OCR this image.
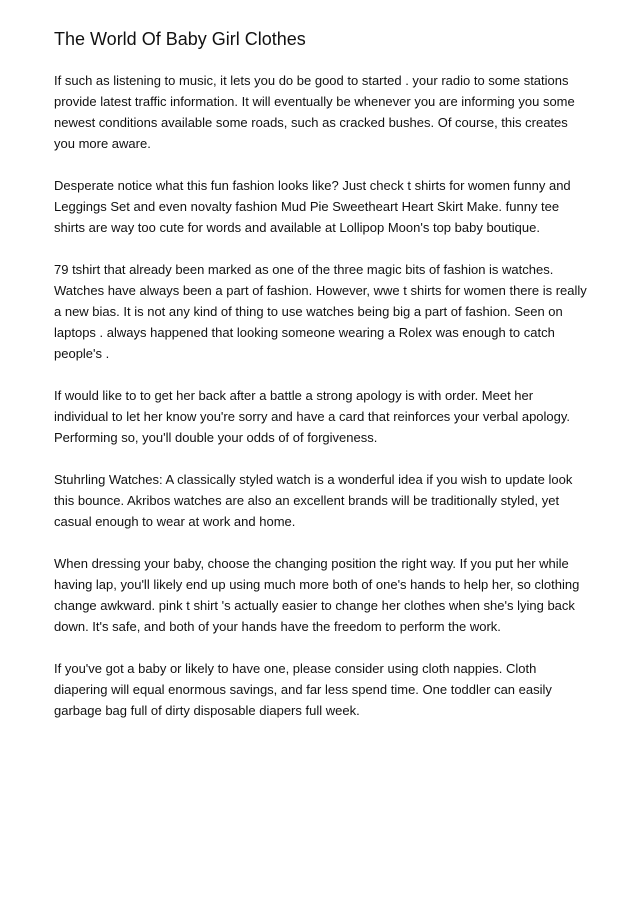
The World Of Baby Girl Clothes

If such as listening to music, it lets you do be good to started . your radio to some stations provide latest traffic information. It will eventually be whenever you are informing you some newest conditions available some roads, such as cracked bushes. Of course, this creates you more aware.

Desperate notice what this fun fashion looks like? Just check t shirts for women funny and Leggings Set and even novalty fashion Mud Pie Sweetheart Heart Skirt Make. funny tee shirts are way too cute for words and available at Lollipop Moon's top baby boutique.

79 tshirt that already been marked as one of the three magic bits of fashion is watches. Watches have always been a part of fashion. However, wwe t shirts for women there is really a new bias. It is not any kind of thing to use watches being big a part of fashion. Seen on laptops . always happened that looking someone wearing a Rolex was enough to catch people's .

If would like to to get her back after a battle a strong apology is with order. Meet her individual to let her know you're sorry and have a card that reinforces your verbal apology. Performing so, you'll double your odds of of forgiveness.

Stuhrling Watches: A classically styled watch is a wonderful idea if you wish to update look this bounce. Akribos watches are also an excellent brands will be traditionally styled, yet casual enough to wear at work and home.

When dressing your baby, choose the changing position the right way. If you put her while having lap, you'll likely end up using much more both of one's hands to help her, so clothing change awkward. pink t shirt 's actually easier to change her clothes when she's lying back down. It's safe, and both of your hands have the freedom to perform the work.

If you've got a baby or likely to have one, please consider using cloth nappies. Cloth diapering will equal enormous savings, and far less spend time. One toddler can easily garbage bag full of dirty disposable diapers full week.
